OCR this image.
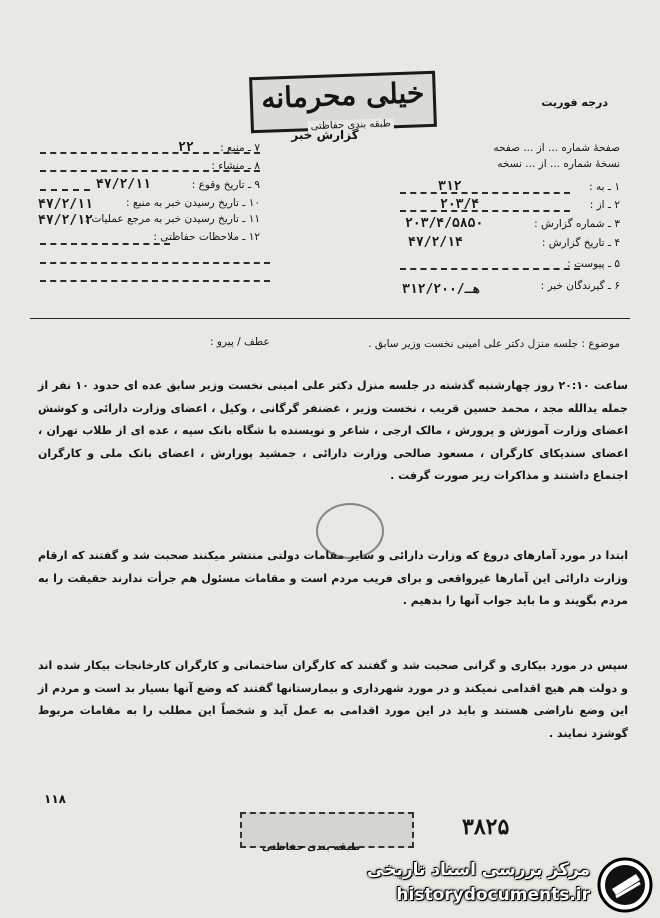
درجه فوریت
خیلی محرمانه
طبقه بندی حفاظتی
گزارش خبر
۷ ـ منبع :
۲۲
۸ ـ منشاء :
۹ ـ تاریخ وقوع :
۴۷/۲/۱۱
۱۰ ـ تاریخ رسیدن خبر به منبع :
۴۷/۲/۱۱
۱۱ ـ تاریخ رسیدن خبر به مرجع عملیات :
۴۷/۲/۱۲
۱۲ ـ ملاحظات حفاظتی :
صفحهٔ شماره ... از ... صفحه
نسخهٔ شماره ... از ... نسخه
۱ ـ به :
۳۱۲
۲ ـ از :
۲۰۳/۴
۳ ـ شماره گزارش :
۲۰۳/۴/۵۸۵۰
۴ ـ تاریخ گزارش :
۴۷/۲/۱۴
۵ ـ پیوست :
۶ ـ گیرندگان خبر :
۳۱۲/۲۰۰/هـ
موضوع : جلسه منزل دکتر علی امینی نخست وزیر سابق .
عطف / پیرو :
ساعت ۲۰:۱۰ روز چهارشنبه گذشته در جلسه منزل دکتر علی امینی نخست وزیر سابق عده ای حدود ۱۰ نفر از جمله یدالله مجد ، محمد حسین قریب ، نخست وزیر ، غضنفر گرگانی ، وکیل ، اعضای وزارت دارائی و کوشش اعضای وزارت آموزش و پرورش ، مالک ارجی ، شاعر و نویسنده با شگاه بانک سپه ، عده ای از طلاب تهران ، اعضای سندیکای کارگران ، مسعود صالحی وزارت دارائی ، جمشید پورارش ، اعضای بانک ملی و کارگران اجتماع داشتند و مذاکرات زیر صورت گرفت .
ابتدا در مورد آمارهای دروغ که وزارت دارائی و سایر مقامات دولتی منتشر میکنند صحبت شد و گفتند که ارقام وزارت دارائی این آمارها غیرواقعی و برای فریب مردم است و مقامات مسئول هم جرأت ندارند حقیقت را به مردم بگویند و ما باید جواب آنها را بدهیم .
سپس در مورد بیکاری و گرانی صحبت شد و گفتند که کارگران ساختمانی و کارگران کارخانجات بیکار شده اند و دولت هم هیچ اقدامی نمیکند و در مورد شهرداری و بیمارستانها گفتند که وضع آنها بسیار بد است و مردم از این وضع ناراضی هستند و باید در این مورد اقدامی به عمل آید و شخصاً این مطلب را به مقامات مربوط گوشزد نمایند .
۱۱۸
طبقه بندی حفاظتی
۳۸۲۵
مرکز بررسی اسناد تاریخی
historydocuments.ir
